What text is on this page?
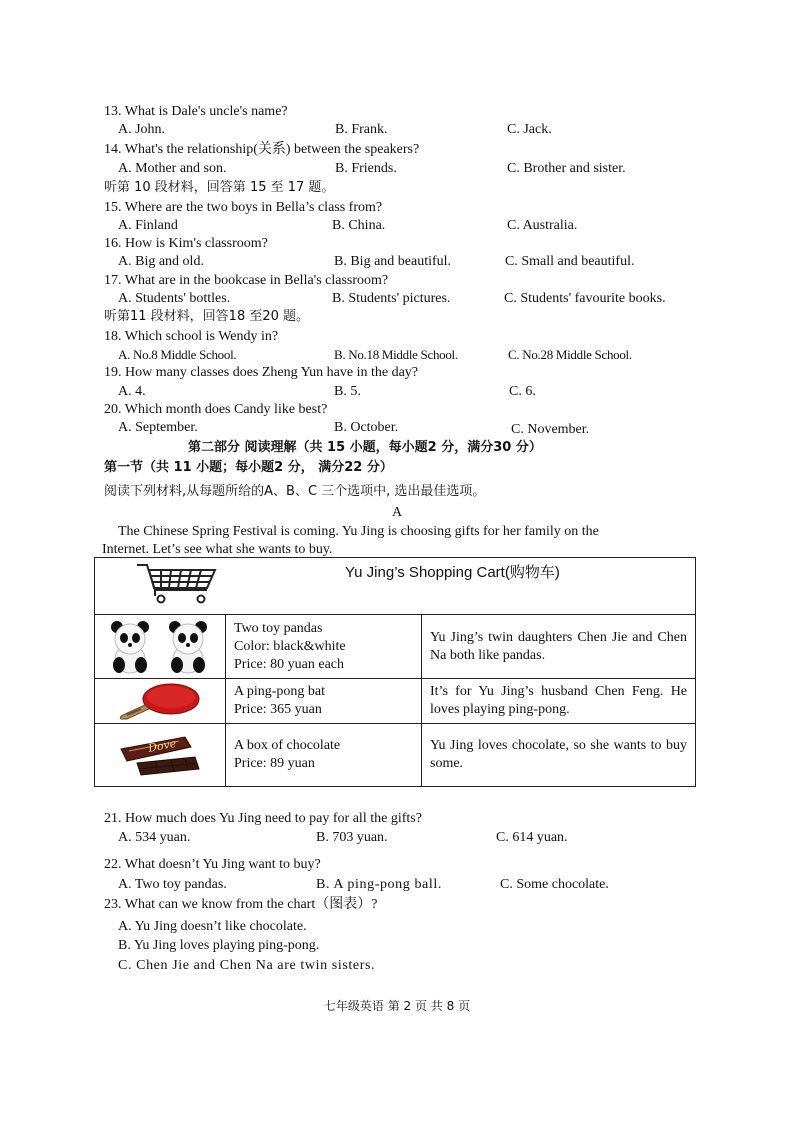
13. What is Dale's uncle's name?
A. John.	B. Frank.	C. Jack.
14. What's the relationship(关系) between the speakers?
A. Mother and son.	B. Friends.	C. Brother and sister.
听第 10 段材料，回答第 15 至 17 题。
15. Where are the two boys in Bella’s class from?
A. Finland	B. China.	C. Australia.
16. How is Kim's classroom?
A. Big and old.	B. Big and beautiful.	C. Small and beautiful.
17. What are in the bookcase in Bella's classroom?
A. Students' bottles.	B. Students' pictures.	C. Students' favourite books.
听第11 段材料，回答18 至20 题。
18. Which school is Wendy in?
A. No.8 Middle School.	B. No.18 Middle School.	C. No.28 Middle School.
19. How many classes does Zheng Yun have in the day?
A. 4.	B. 5.	C. 6.
20. Which month does Candy like best?
A. September.	B. October.	C. November.
第二部分 阅读理解（共 15 小题，每小题2 分，满分30 分）
第一节（共 11 小题；每小题2 分， 满分22 分）
阅读下列材料,从每题所给的A、B、C 三个选项中, 选出最佳选项。
A
The Chinese Spring Festival is coming. Yu Jing is choosing gifts for her family on the
Internet. Let’s see what she wants to buy.
Yu Jing’s Shopping Cart(购物车)		

Two toy pandas
Color: black&white
Price: 80 yuan each	Yu Jing’s twin daughters Chen Jie and Chen Na both like pandas.

A ping-pong bat
Price: 365 yuan	It’s for Yu Jing’s husband Chen Feng. He loves playing ping-pong.

Dove	A box of chocolate
Price: 89 yuan	Yu Jing loves chocolate, so she wants to buy some.
21. How much does Yu Jing need to pay for all the gifts?
A. 534 yuan.	B. 703 yuan.	C. 614 yuan.
22. What doesn’t Yu Jing want to buy?
A. Two toy pandas.	B. A ping-pong ball.	C. Some chocolate.
23. What can we know from the chart（图表）?
A. Yu Jing doesn’t like chocolate.
B. Yu Jing loves playing ping-pong.
C. Chen Jie and Chen Na are twin sisters.
七年级英语 第 2 页 共 8 页
